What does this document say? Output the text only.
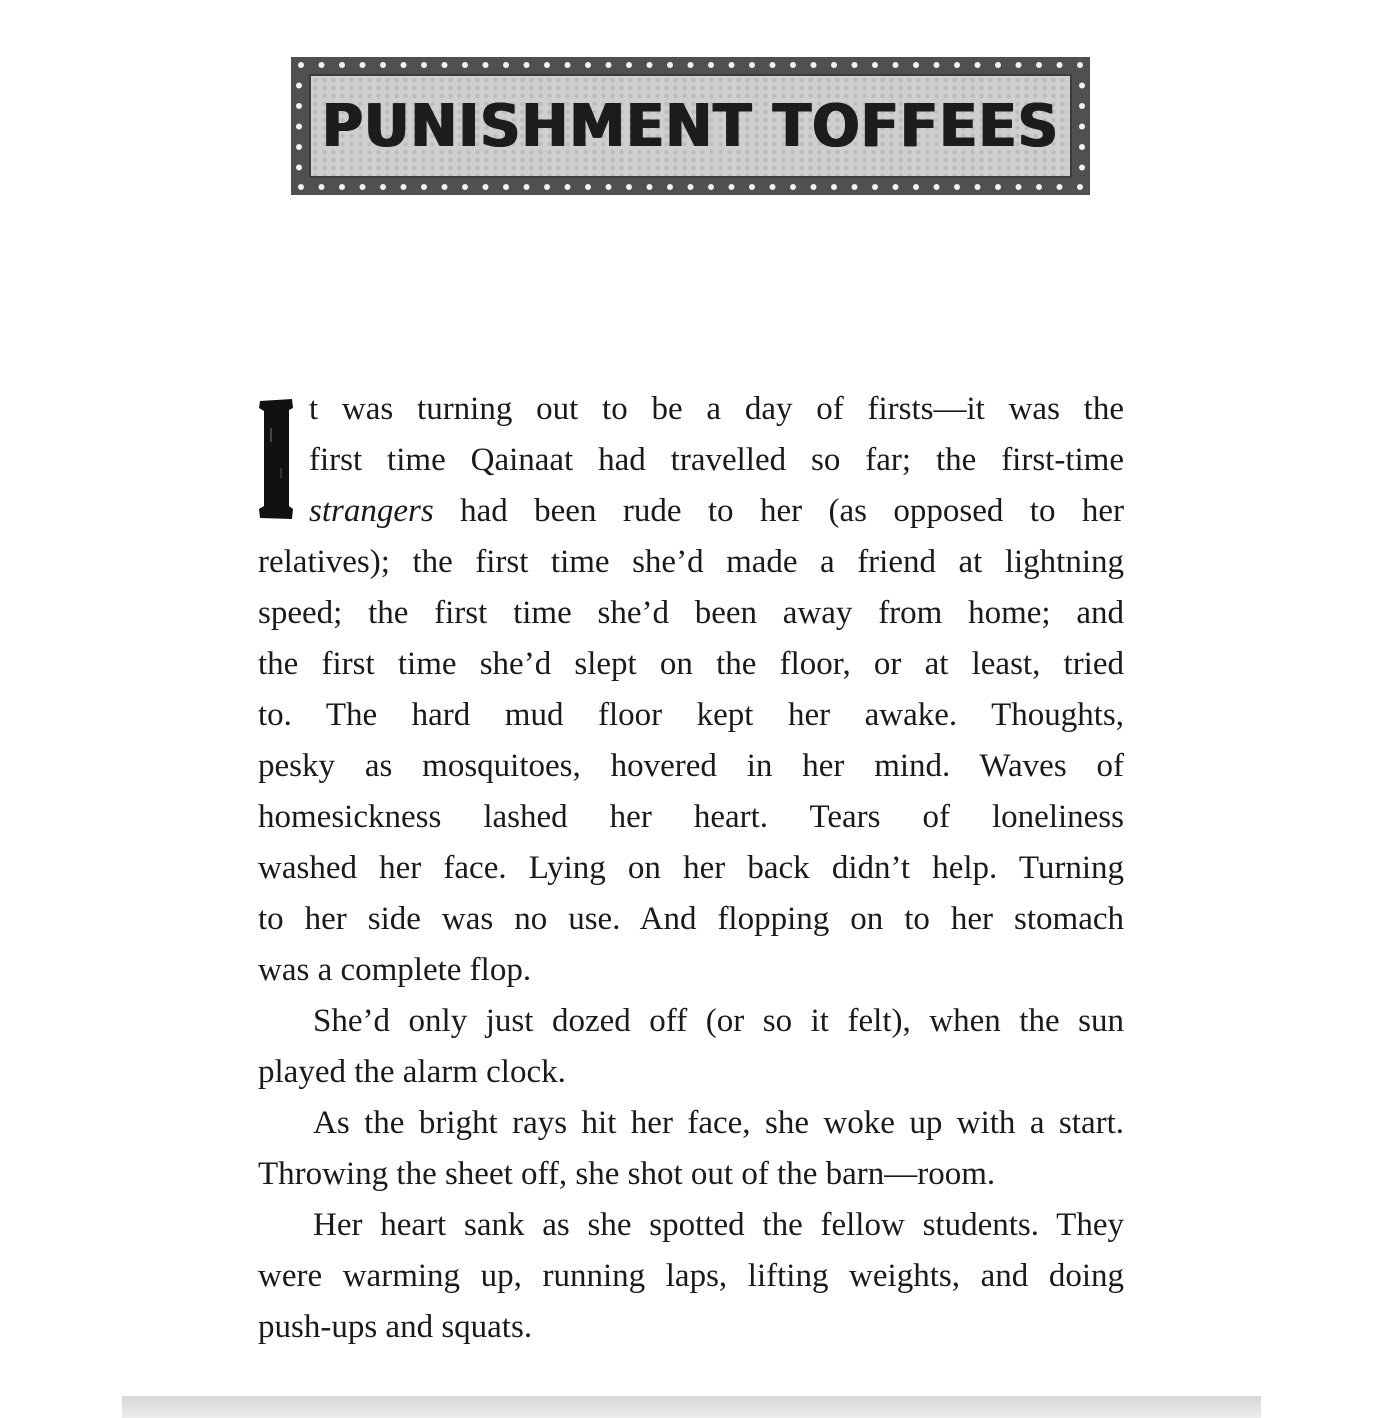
PUNISHMENT TOFFEES
t was turning out to be a day of firsts—it was the
first time Qainaat had travelled so far; the first-time
strangers had been rude to her (as opposed to her
relatives); the first time she’d made a friend at lightning
speed; the first time she’d been away from home; and
the first time she’d slept on the floor, or at least, tried
to. The hard mud floor kept her awake. Thoughts,
pesky as mosquitoes, hovered in her mind. Waves of
homesickness lashed her heart. Tears of loneliness
washed her face. Lying on her back didn’t help. Turning
to her side was no use. And flopping on to her stomach
was a complete flop.
She’d only just dozed off (or so it felt), when the sun
played the alarm clock.
As the bright rays hit her face, she woke up with a start.
Throwing the sheet off, she shot out of the barn—room.
Her heart sank as she spotted the fellow students. They
were warming up, running laps, lifting weights, and doing
push-ups and squats.
